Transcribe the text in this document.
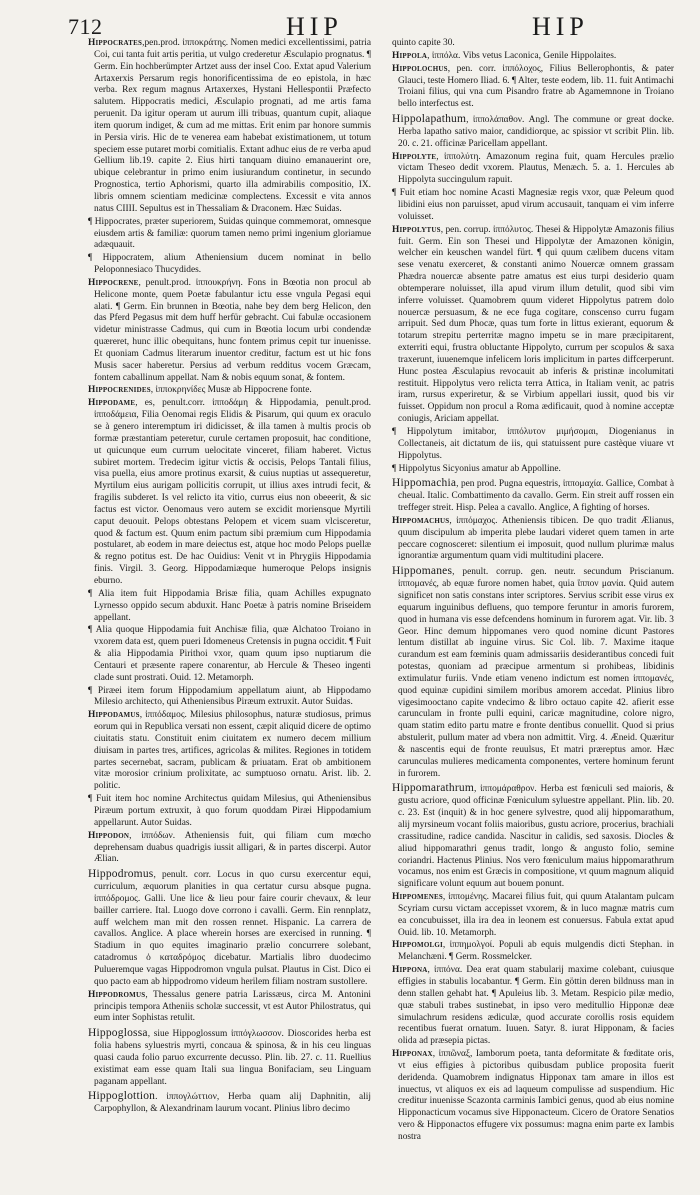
712	HIP	HIP

Hippocrates,pen.prod. ἱπποκράτης. Nomen medici excellentissimi, patria Coi, cui tanta fuit artis peritia, ut vulgo crederetur Æsculapio prognatus. ¶ Germ. Ein hochberümpter Artzet auss der insel Coo. Extat apud Valerium Artaxerxis Persarum regis honorificentissima de eo epistola, in hæc verba. Rex regum magnus Artaxerxes, Hystani Hellespontii Præfecto salutem. Hippocratis medici, Æsculapio prognati, ad me artis fama peruenit. Da igitur operam ut aurum illi tribuas, quantum cupit, aliaque item quorum indiget, & cum ad me mittas. Erit enim par honore summis in Persia viris. Hic de te venerea eam habebat existimationem, ut totum speciem esse putaret morbi comitialis. Extant adhuc eius de re verba apud Gellium lib.19. capite 2. Eius hirti tanquam diuino emanauerint ore, ubique celebrantur in primo enim iusiurandum continetur, in secundo Prognostica, tertio Aphorismi, quarto illa admirabilis compositio, IX. libris omnem scientiam medicinæ complectens. Excessit e vita annos natus CIIII. Sepultus est in Thessaliam & Draconem. Hæc Suidas.

¶ Hippocrates, præter superiorem, Suidas quinque commemorat, omnesque eiusdem artis & familiæ: quorum tamen nemo primi ingenium gloriamue adæquauit.

¶ Hippocratem, alium Atheniensium ducem nominat in bello Peloponnesiaco Thucydides.

Hippocrene, penult.prod. ἱππουκρήνη. Fons in Bœotia non procul ab Helicone monte, quem Poetæ fabulantur ictu esse vngula Pegasi equi alati. ¶ Germ. Ein brunnen in Bœotia, nahe bey dem berg Helicon, den das Pferd Pegasus mit dem huff herfür gebracht. Cui fabulæ occasionem videtur ministrasse Cadmus, qui cum in Bœotia locum urbi condendæ quæreret, hunc illic obequitans, hunc fontem primus cepit tur inuenisse. Et quoniam Cadmus literarum inuentor creditur, factum est ut hic fons Musis sacer haberetur. Persius ad verbum redditus vocem Græcam, fontem caballinum appellat. Nam & nobis equum sonat, & fontem.

Hippocrenides, ἱπποκρηνίδες Musæ ab Hippocrene fonte.

Hippodame, es, penult.corr. ἱπποδάμη & Hippodamia, penult.prod. ἱπποδάμεια, Filia Oenomai regis Elidis & Pisarum, qui quum ex oraculo se à genero interemptum iri didicisset, & illa tamen à multis procis ob formæ præstantiam peteretur, curule certamen proposuit, hac conditione, ut quicunque eum currum uelocitate vinceret, filiam haberet. Victus subiret mortem. Tredecim igitur victis & occisis, Pelops Tantali filius, visa puella, eius amore protinus exarsit, & cuius nuptias ut assequeretur, Myrtilum eius aurigam pollicitis corrupit, ut illius axes intrudi fecit, & fragilis subderet. Is vel relicto ita vitio, currus eius non obeeerit, & sic factus est victor. Oenomaus vero autem se excidit moriensque Myrtili caput deuouit. Pelops obtestans Pelopem et vicem suam vlcisceretur, quod & factum est. Quum enim pactum sibi præmium cum Hippodamia postularet, ab eodem in mare deiectus est, atque hoc modo Pelops puellæ & regno potitus est. De hac Ouidius: Venit vt in Phrygiis Hippodamia finis. Virgil. 3. Georg. Hippodamiæque humeroque Pelops insignis eburno.

¶ Alia item fuit Hippodamia Brisæ filia, quam Achilles expugnato Lyrnesso oppido secum abduxit. Hanc Poetæ à patris nomine Briseidem appellant.

¶ Alia quoque Hippodamia fuit Anchisæ filia, quæ Alchatoo Troiano in vxorem data est, quem pueri Idomeneus Cretensis in pugna occidit. ¶ Fuit & alia Hippodamia Pirithoi vxor, quam quum ipso nuptiarum die Centauri et præsente rapere conarentur, ab Hercule & Theseo ingenti clade sunt prostrati. Ouid. 12. Metamorph.

¶ Piræei item forum Hippodamium appellatum aiunt, ab Hippodamo Milesio architecto, qui Atheniensibus Piræum extruxit. Autor Suidas.

Hippodamus, ἱππόδαμος. Milesius philosophus, naturæ studiosus, primus eorum qui in Republica versati non essent, cæpit aliquid dicere de optimo ciuitatis statu. Constituit enim ciuitatem ex numero decem millium diuisam in partes tres, artifices, agricolas & milites. Regiones in totidem partes secernebat, sacram, publicam & priuatam. Erat ob ambitionem vitæ morosior crinium prolixitate, ac sumptuoso ornatu. Arist. lib. 2. politic.

¶ Fuit item hoc nomine Architectus quidam Milesius, qui Atheniensibus Piræum portum extruxit, à quo forum quoddam Piræi Hippodamium appellarunt. Autor Suidas.

Hippodon, ἱππόδων. Atheniensis fuit, qui filiam cum mœcho deprehensam duabus quadrigis iussit alligari, & in partes discerpi. Autor Ælian.

Hippodromus, penult. corr. Locus in quo cursu exercentur equi, curriculum, æquorum planities in qua certatur cursu absque pugna. ἱππόδρομος. Galli. Une lice & lieu pour faire courir chevaux, & leur bailler carriere. Ital. Luogo dove corrono i cavalli. Germ. Ein rennplatz, auff welchem man mit den rossen rennet. Hispanic. La carrera de cavallos. Anglice. A place wherein horses are exercised in running. ¶ Stadium in quo equites imaginario prælio concurrere solebant, catadromus ὁ καταδρόμος dicebatur. Martialis libro duodecimo Pulueremque vagas Hippodromon vngula pulsat. Plautus in Cist. Dico ei quo pacto eam ab hippodromo videum herilem filiam nostram sustollere.

Hippodromus, Thessalus genere patria Larissæus, circa M. Antonini principis tempora Atheniis scholæ successit, vt est Autor Philostratus, qui eum inter Sophistas retulit.

Hippoglossa, siue Hippoglossum ἱππόγλωσσον. Dioscorides herba est folia habens syluestris myrti, concaua & spinosa, & in his ceu linguas quasi cauda folio paruo excurrente decusso. Plin. lib. 27. c. 11. Ruellius existimat eam esse quam Itali sua lingua Bonifaciam, seu Linguam paganam appellant.

Hippoglottion. ἱππογλώττιον, Herba quam alij Daphnitin, alij Carpophyllon, & Alexandrinam laurum vocant. Plinius libro decimo

quinto capite 30.

Hippola, ἱππόλα. Vibs vetus Laconica, Genile Hippolaites.

Hippolochus, pen. corr. ἱππόλοχος, Filius Bellerophontis, & pater Glauci, teste Homero Iliad. 6. ¶ Alter, teste eodem, lib. 11. fuit Antimachi Troiani filius, qui vna cum Pisandro fratre ab Agamemnone in Troiano bello interfectus est.

Hippolapathum, ἱππολάπαθον. Angl. The commune or great docke. Herba lapatho sativo maior, candidiorque, ac spissior vt scribit Plin. lib. 20. c. 21. officinæ Paricellam appellant.

Hippolyte, ἱππολύτη. Amazonum regina fuit, quam Hercules prælio victam Theseo dedit vxorem. Plautus, Menæch. 5. a. 1. Hercules ab Hippolyta succingulum rapuit.

¶ Fuit etiam hoc nomine Acasti Magnesiæ regis vxor, quæ Peleum quod libidini eius non paruisset, apud virum accusauit, tanquam ei vim inferre voluisset.

Hippolytus, pen. corrup. ἱππόλυτος. Thesei & Hippolytæ Amazonis filius fuit. Germ. Ein son Thesei und Hippolytæ der Amazonen königin, welcher ein keuschen wandel fürt. ¶ qui quum cælibem ducens vitam sese venatu exerceret, & constanti animo Nouercæ omnem grassam Phædra nouercæ absente patre amatus est eius turpi desiderio quam obtemperare noluisset, illa apud virum illum detulit, quod sibi vim inferre voluisset. Quamobrem quum videret Hippolytus patrem dolo nouercæ persuasum, & ne ece fuga cogitare, conscenso curru fugam arripuit. Sed dum Phocæ, quas tum forte in littus exierant, equorum & totarum strepitu perterritæ magno impetu se in mare præcipitarent, exterriti equi, frustra obluctante Hippolyto, currum per scopulos & saxa traxerunt, iuuenemque infelicem loris implicitum in partes diffcerperunt. Hunc postea Æsculapius revocauit ab inferis & pristinæ incolumitati restituit. Hippolytus vero relicta terra Attica, in Italiam venit, ac patris iram, rursus experiretur, & se Virbium appellari iussit, quod bis vir fuisset. Oppidum non procul a Roma ædificauit, quod à nomine acceptæ coniugis, Ariciam appellat.

¶ Hippolytum imitabor, ἱππόλυτον μιμήσομαι, Diogenianus in Collectaneis, ait dictatum de iis, qui statuissent pure castèque viuare vt Hippolytus.

¶ Hippolytus Sicyonius amatur ab Appolline.

Hippomachia, pen prod. Pugna equestris, ἱππομαχία. Gallice, Combat à cheual. Italic. Combattimento da cavallo. Germ. Ein streit auff rossen ein treffeger streit. Hisp. Pelea a cavallo. Anglice, A fighting of horses.

Hippomachus, ἱππόμαχος. Atheniensis tibicen. De quo tradit Ælianus, quum discipulum ab imperita plebe laudari videret quem tamen in arte peccare cognosceret: silentium ei imposuit, quod nullum plurimæ malus ignorantiæ argumentum quam vidi multitudini placere.

Hippomanes, penult. corrup. gen. neutr. secundum Priscianum. ἱππομανές, ab equæ furore nomen habet, quia ἵππον μανία. Quid autem significet non satis constans inter scriptores. Servius scribit esse virus ex equarum inguinibus defluens, quo tempore feruntur in amoris furorem, quod in humana vis esse defcendens hominum in furorem agat. Vir. lib. 3 Geor. Hinc demum hippomanes vero quod nomine dicunt Pastores lentum distillat ab inguine virus. Sic Col. lib. 7. Maxime itaque curandum est eam fœminis quam admissariis desiderantibus concedi fuit potestas, quoniam ad præcipue armentum si prohibeas, libidinis extimulatur furiis. Vnde etiam veneno indictum est nomen ἱππομανές, quod equinæ cupidini similem moribus amorem accedat. Plinius libro vigesimooctano capite vndecimo & libro octauo capite 42. afierit esse carunculam in fronte pulli equini, caricæ magnitudine, colore nigro, quam statim edito partu matre e fronte dentibus conuellit. Quod si prius abstulerit, pullum mater ad vbera non admittit. Virg. 4. Æneid. Quæritur & nascentis equi de fronte reuulsus, Et matri præreptus amor. Hæc carunculas mulieres medicamenta componentes, vertere hominum ferunt in furorem.

Hippomarathrum, ἱππομάραθρον. Herba est fœniculi sed maioris, & gustu acriore, quod officinæ Fœniculum syluestre appellant. Plin. lib. 20. c. 23. Est (inquit) & in hoc genere sylvestre, quod alij hippomarathum, alij myrsineum vocant foliis maioribus, gustu acriore, procerius, brachiali crassitudine, radice candida. Nascitur in calidis, sed saxosis. Diocles & aliud hippomarathri genus tradit, longo & angusto folio, semine coriandri. Hactenus Plinius. Nos vero fœniculum maius hippomarathrum vocamus, nos enim est Græcis in compositione, vt quum magnum aliquid significare volunt equum aut bouem ponunt.

Hippomenes, ἱππομένης. Macarei filius fuit, qui quum Atalantam pulcam Scyriam cursu victam accepisset vxorem, & in luco magnæ matris cum ea concubuisset, illa ira dea in leonem est conuersus. Fabula extat apud Ouid. lib. 10. Metamorph.

Hippomolgi, ἱππημολγοί. Populi ab equis mulgendis dicti Stephan. in Melanchæni. ¶ Germ. Rossmelcker.

Hippona, ἱππόνα. Dea erat quam stabularij maxime colebant, cuiusque effigies in stabulis locabantur. ¶ Germ. Ein göttin deren bildnuss man in denn stallen gehabt hat. ¶ Apuleius lib. 3. Metam. Respicio pilæ medio, quæ stabuli trabes sustinebat, in ipso vero meditullio Hipponæ deæ simulachrum residens ædiculæ, quod accurate corollis rosis equidem recentibus fuerat ornatum. Iuuen. Satyr. 8. iurat Hipponam, & facies olida ad præsepia pictas.

Hipponax, ἱππῶναξ, Iamborum poeta, tanta deformitate & fœditate oris, vt eius effigies à pictoribus quibusdam publice proposita fuerit deridenda. Quamobrem indignatus Hipponax tam amare in illos est inuectus, vt aliquos ex eis ad laqueum compulisse ad suspendium. Hic creditur inuenisse Scazonta carminis Iambici genus, quod ab eius nomine Hipponacticum vocamus sive Hipponacteum. Cicero de Oratore Senatios vero & Hipponactos effugere vix possumus: magna enim parte ex Iambis nostra
